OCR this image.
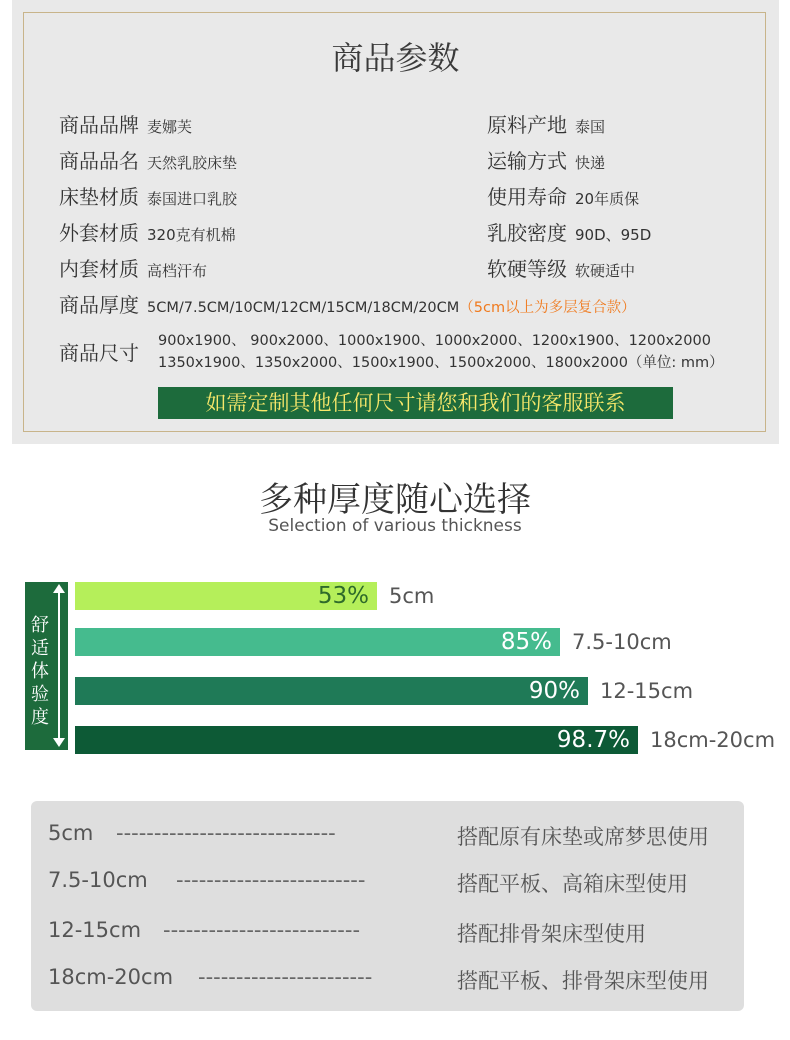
商品参数
商品品牌 麦娜芙
商品品名 天然乳胶床垫
床垫材质 泰国进口乳胶
外套材质 320克有机棉
内套材质 高档汗布
原料产地 泰国
运输方式 快递
使用寿命 20年质保
乳胶密度 90D、95D
软硬等级 软硬适中
商品厚度 5CM/7.5CM/10CM/12CM/15CM/18CM/20CM（5cm以上为多层复合款）
商品尺寸 900x1900、 900x2000、1000x1900、1000x2000、1200x1900、1200x2000
1350x1900、1350x2000、1500x1900、1500x2000、1800x2000（单位: mm）
如需定制其他任何尺寸请您和我们的客服联系
多种厚度随心选择
Selection of various thickness
舒适体验度
53% 5cm
85% 7.5-10cm
90% 12-15cm
98.7% 18cm-20cm
5cm -----------------------------	搭配原有床垫或席梦思使用
7.5-10cm -------------------------	搭配平板、高箱床型使用
12-15cm --------------------------	搭配排骨架床型使用
18cm-20cm -----------------------	搭配平板、排骨架床型使用
